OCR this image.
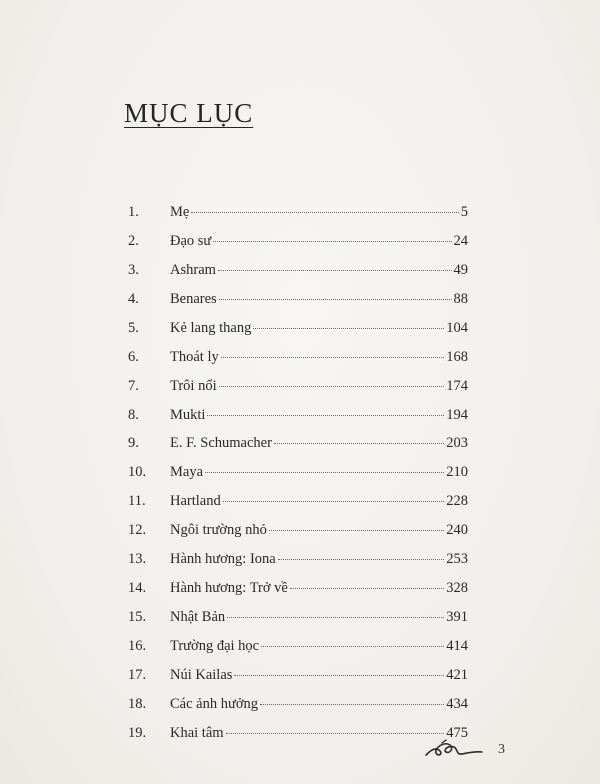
MỤC LỤC
1.	Mẹ	5
2.	Đạo sư	24
3.	Ashram	49
4.	Benares	88
5.	Kẻ lang thang	104
6.	Thoát ly	168
7.	Trôi nổi	174
8.	Mukti	194
9.	E. F. Schumacher	203
10.	Maya	210
11.	Hartland	228
12.	Ngôi trường nhỏ	240
13.	Hành hương: Iona	253
14.	Hành hương: Trở về	328
15.	Nhật Bản	391
16.	Trường đại học	414
17.	Núi Kailas	421
18.	Các ảnh hưởng	434
19.	Khai tâm	475
3
